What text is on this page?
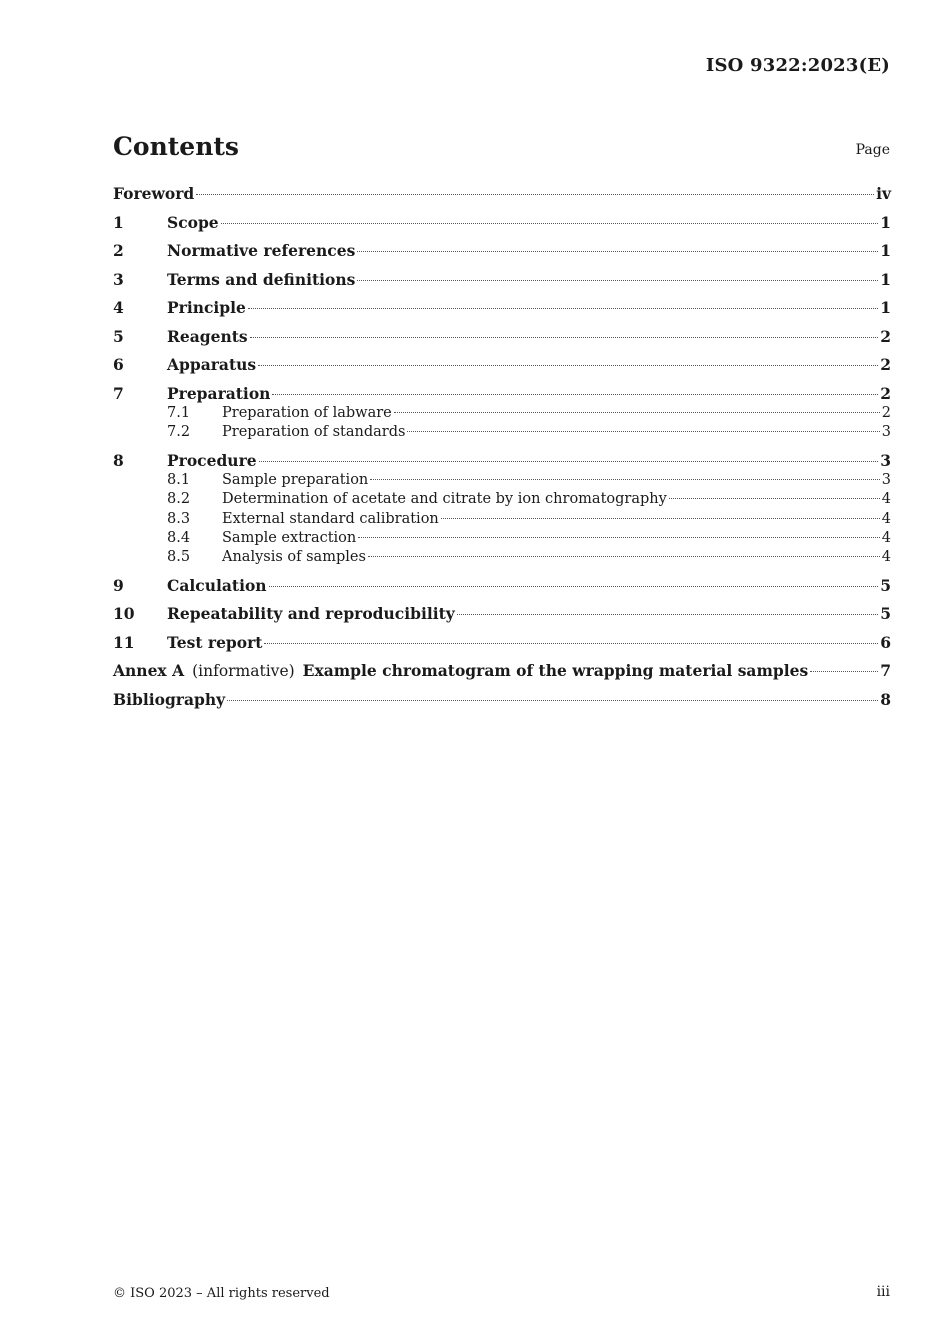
ISO 9322:2023(E)
Contents	Page
Foreword	iv
1	Scope	1
2	Normative references	1
3	Terms and definitions	1
4	Principle	1
5	Reagents	2
6	Apparatus	2
7	Preparation	2
7.1	Preparation of labware	2
7.2	Preparation of standards	3
8	Procedure	3
8.1	Sample preparation	3
8.2	Determination of acetate and citrate by ion chromatography	4
8.3	External standard calibration	4
8.4	Sample extraction	4
8.5	Analysis of samples	4
9	Calculation	5
10	Repeatability and reproducibility	5
11	Test report	6
Annex A (informative) Example chromatogram of the wrapping material samples	7
Bibliography	8
© ISO 2023 – All rights reserved	iii
